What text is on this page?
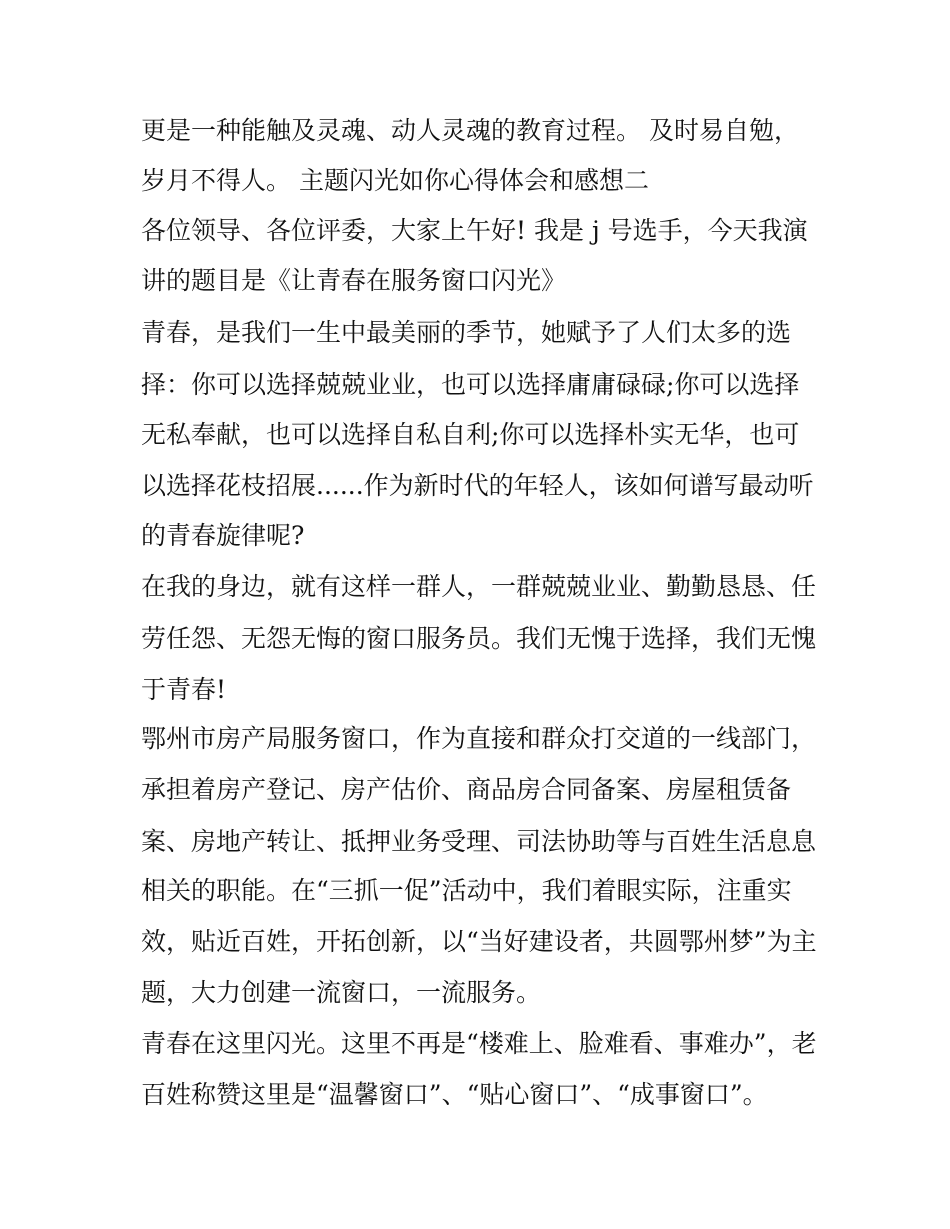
更是一种能触及灵魂、动人灵魂的教育过程。 及时易自勉，
岁月不得人。 主题闪光如你心得体会和感想二
各位领导、各位评委，大家上午好! 我是 j 号选手，今天我演
讲的题目是《让青春在服务窗口闪光》
青春，是我们一生中最美丽的季节，她赋予了人们太多的选
择：你可以选择兢兢业业，也可以选择庸庸碌碌;你可以选择
无私奉献，也可以选择自私自利;你可以选择朴实无华，也可
以选择花枝招展......作为新时代的年轻人，该如何谱写最动听
的青春旋律呢?
在我的身边，就有这样一群人，一群兢兢业业、勤勤恳恳、任
劳任怨、无怨无悔的窗口服务员。我们无愧于选择，我们无愧
于青春!
鄂州市房产局服务窗口，作为直接和群众打交道的一线部门，
承担着房产登记、房产估价、商品房合同备案、房屋租赁备
案、房地产转让、抵押业务受理、司法协助等与百姓生活息息
相关的职能。在“三抓一促”活动中，我们着眼实际，注重实
效，贴近百姓，开拓创新，以“当好建设者，共圆鄂州梦”为主
题，大力创建一流窗口，一流服务。
青春在这里闪光。这里不再是“楼难上、脸难看、事难办”，老
百姓称赞这里是“温馨窗口”、“贴心窗口”、“成事窗口”。
